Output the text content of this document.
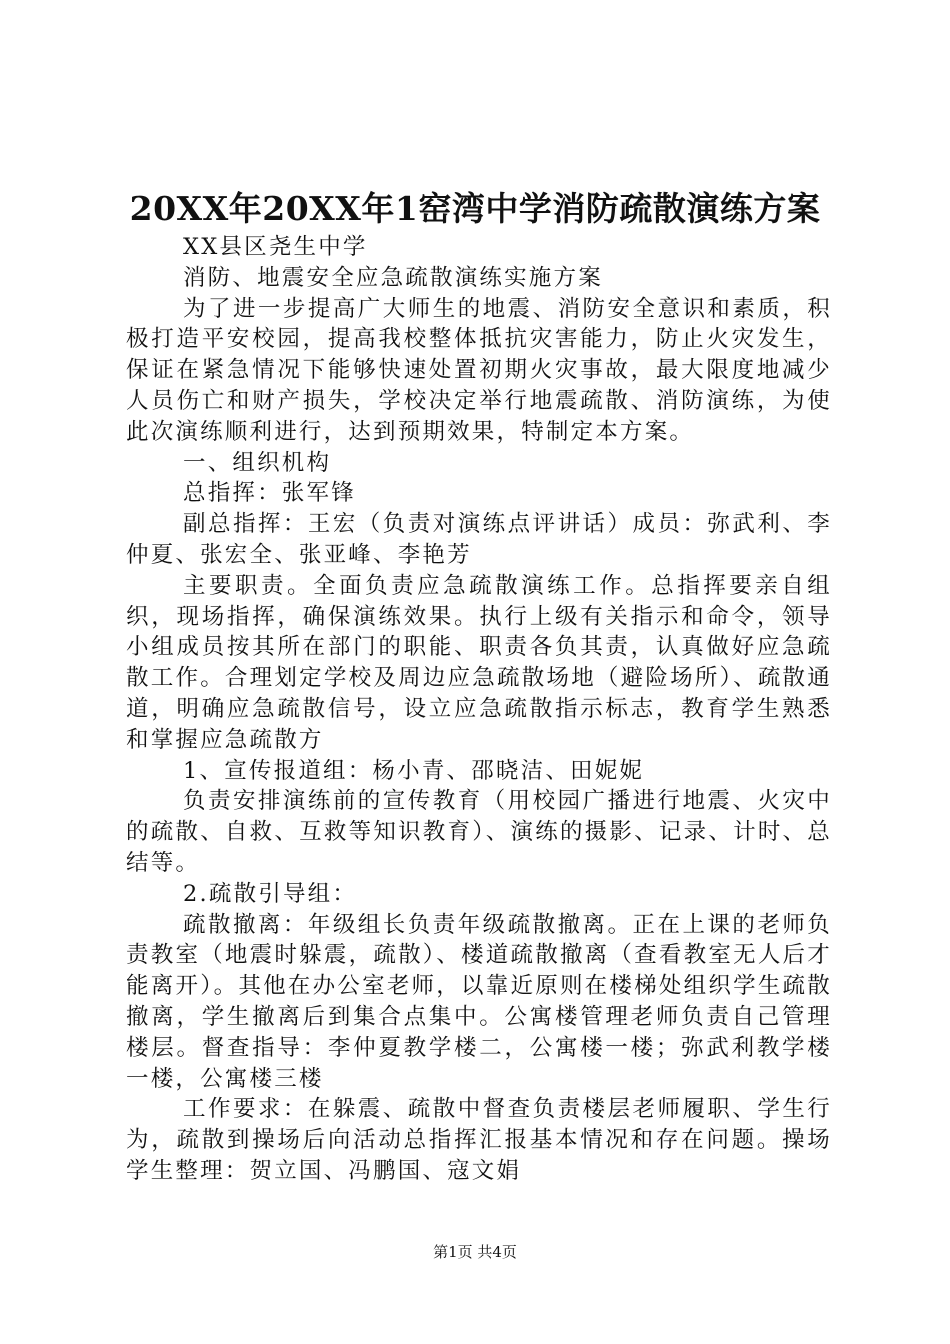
20XX年20XX年1窑湾中学消防疏散演练方案

XX县区尧生中学

消防、地震安全应急疏散演练实施方案

为了进一步提高广大师生的地震、消防安全意识和素质，积极打造平安校园，提高我校整体抵抗灾害能力，防止火灾发生，保证在紧急情况下能够快速处置初期火灾事故，最大限度地减少人员伤亡和财产损失，学校决定举行地震疏散、消防演练，为使此次演练顺利进行，达到预期效果，特制定本方案。

一、组织机构

总指挥：张军锋

副总指挥：王宏（负责对演练点评讲话）成员：弥武利、李仲夏、张宏全、张亚峰、李艳芳

主要职责。全面负责应急疏散演练工作。总指挥要亲自组织，现场指挥，确保演练效果。执行上级有关指示和命令，领导小组成员按其所在部门的职能、职责各负其责，认真做好应急疏散工作。合理划定学校及周边应急疏散场地（避险场所）、疏散通道，明确应急疏散信号，设立应急疏散指示标志，教育学生熟悉和掌握应急疏散方

1、宣传报道组：杨小青、邵晓洁、田妮妮

负责安排演练前的宣传教育（用校园广播进行地震、火灾中的疏散、自救、互救等知识教育）、演练的摄影、记录、计时、总结等。

2.疏散引导组：

疏散撤离：年级组长负责年级疏散撤离。正在上课的老师负责教室（地震时躲震，疏散）、楼道疏散撤离（查看教室无人后才能离开）。其他在办公室老师，以靠近原则在楼梯处组织学生疏散撤离，学生撤离后到集合点集中。公寓楼管理老师负责自己管理楼层。督查指导：李仲夏教学楼二，公寓楼一楼；弥武利教学楼一楼，公寓楼三楼

工作要求：在躲震、疏散中督查负责楼层老师履职、学生行为，疏散到操场后向活动总指挥汇报基本情况和存在问题。操场学生整理：贺立国、冯鹏国、寇文娟

第1页 共4页
